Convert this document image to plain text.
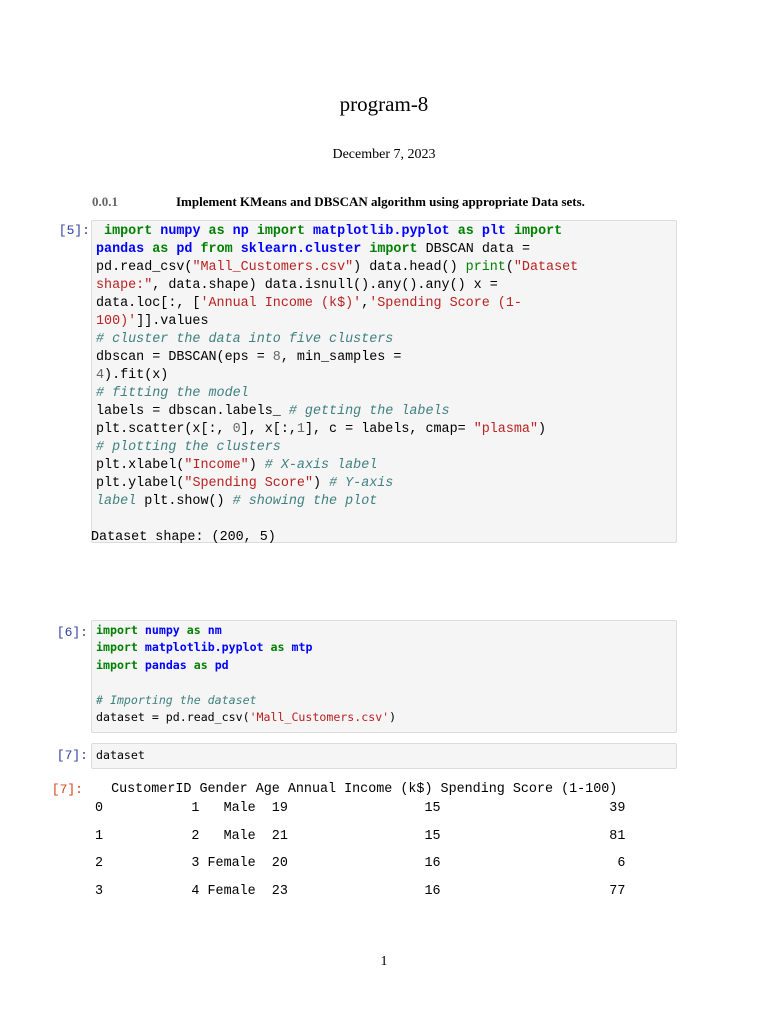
program-8
December 7, 2023
0.0.1	Implement KMeans and DBSCAN algorithm using appropriate Data sets.
[5]: import numpy as np import matplotlib.pyplot as plt import
pandas as pd from sklearn.cluster import DBSCAN data =
pd.read_csv("Mall_Customers.csv") data.head() print("Dataset
shape:", data.shape) data.isnull().any().any() x =
data.loc[:, ['Annual Income (k$)','Spending Score (1-
100)']].values
# cluster the data into five clusters
dbscan = DBSCAN(eps = 8, min_samples =
4).fit(x)
# fitting the model
labels = dbscan.labels_ # getting the labels
plt.scatter(x[:, 0], x[:,1], c = labels, cmap= "plasma")
# plotting the clusters
plt.xlabel("Income") # X-axis label
plt.ylabel("Spending Score") # Y-axis
label plt.show() # showing the plot
Dataset shape: (200, 5)
[6]: import numpy as nm
import matplotlib.pyplot as mtp
import pandas as pd

# Importing the dataset
dataset = pd.read_csv('Mall_Customers.csv')
[7]: dataset
[7]: CustomerID Gender Age Annual Income (k$) Spending Score (1-100)
0           1   Male  19                 15                     39
1           2   Male  21                 15                     81
2           3 Female  20                 16                      6
3           4 Female  23                 16                     77
1
